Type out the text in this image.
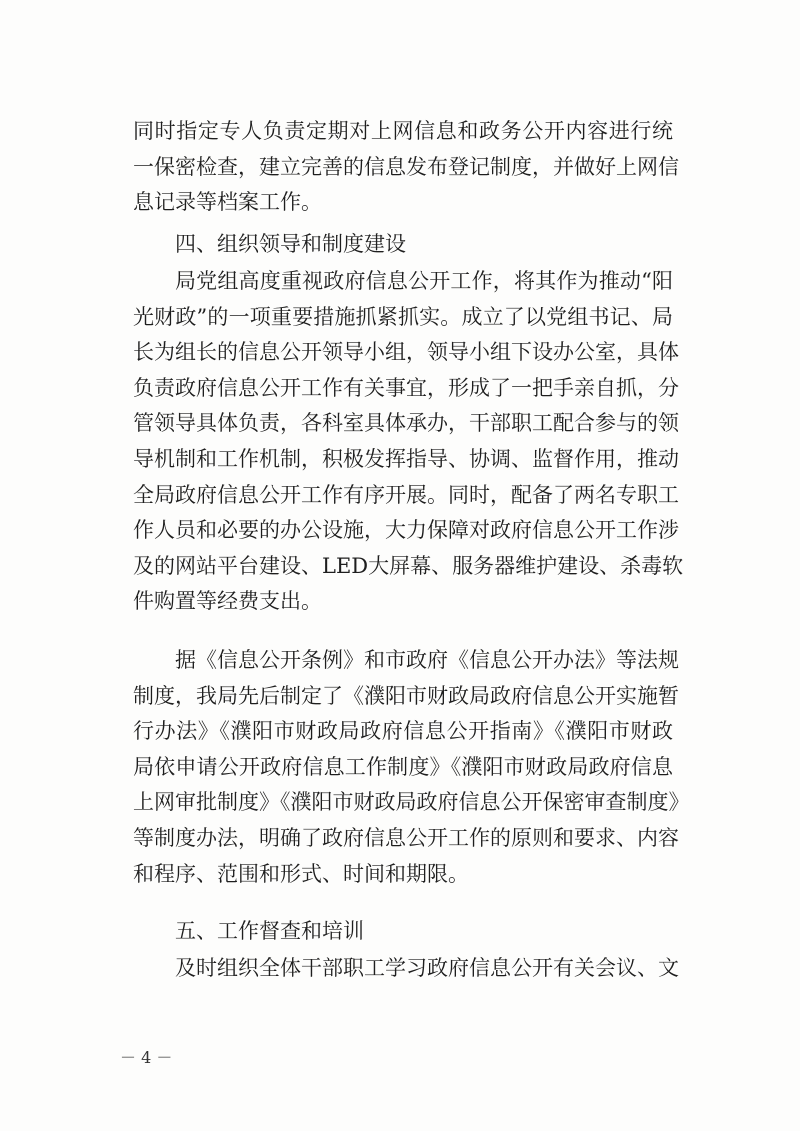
同时指定专人负责定期对上网信息和政务公开内容进行统
一保密检查，建立完善的信息发布登记制度，并做好上网信
息记录等档案工作。
四、组织领导和制度建设
局党组高度重视政府信息公开工作，将其作为推动“阳
光财政”的一项重要措施抓紧抓实。成立了以党组书记、局
长为组长的信息公开领导小组，领导小组下设办公室，具体
负责政府信息公开工作有关事宜，形成了一把手亲自抓，分
管领导具体负责，各科室具体承办，干部职工配合参与的领
导机制和工作机制，积极发挥指导、协调、监督作用，推动
全局政府信息公开工作有序开展。同时，配备了两名专职工
作人员和必要的办公设施，大力保障对政府信息公开工作涉
及的网站平台建设、LED大屏幕、服务器维护建设、杀毒软
件购置等经费支出。
据《信息公开条例》和市政府《信息公开办法》等法规
制度，我局先后制定了《濮阳市财政局政府信息公开实施暂
行办法》《濮阳市财政局政府信息公开指南》《濮阳市财政
局依申请公开政府信息工作制度》《濮阳市财政局政府信息
上网审批制度》《濮阳市财政局政府信息公开保密审查制度》
等制度办法，明确了政府信息公开工作的原则和要求、内容
和程序、范围和形式、时间和期限。
五、工作督查和培训
及时组织全体干部职工学习政府信息公开有关会议、文
－ 4 －
